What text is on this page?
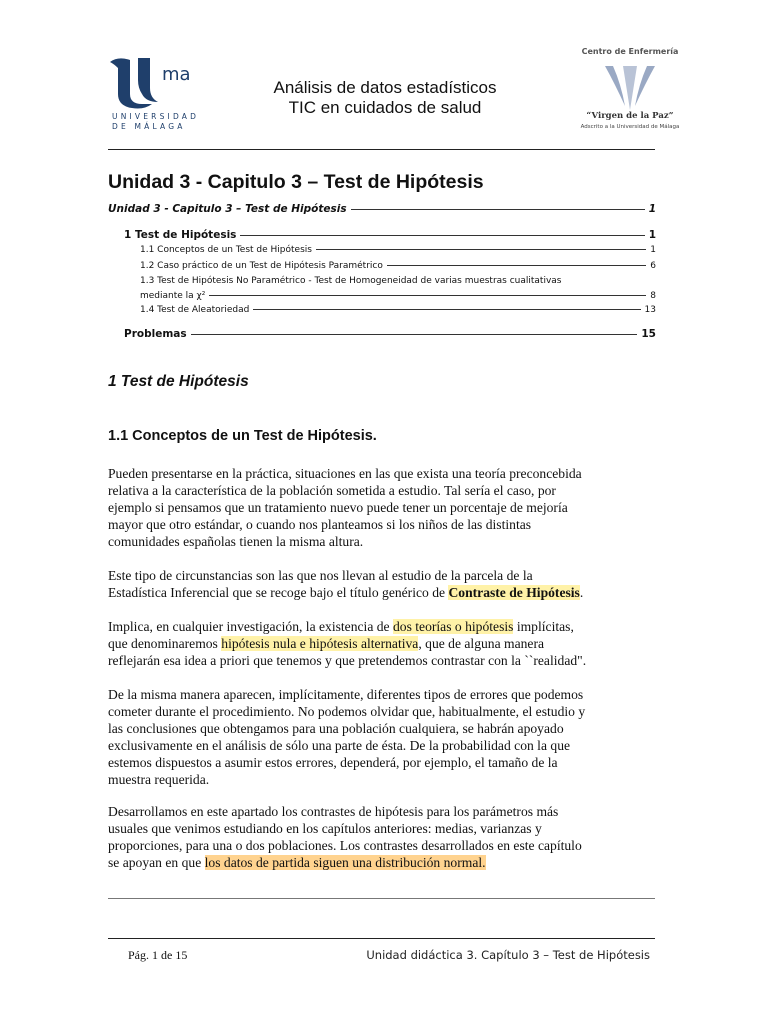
ma
UNIVERSIDAD
DE MÁLAGA
Análisis de datos estadísticos
TIC en cuidados de salud
Centro de Enfermería
“Virgen de la Paz”
Adscrito a la Universidad de Málaga
Unidad 3 - Capitulo 3 – Test de Hipótesis
Unidad 3 - Capitulo 3 – Test de Hipótesis	1
1 Test de Hipótesis	1
1.1 Conceptos de un Test de Hipótesis	1
1.2 Caso práctico de un Test de Hipótesis Paramétrico	6
1.3 Test de Hipótesis No Paramétrico - Test de Homogeneidad de varias muestras cualitativas
mediante la χ²	8
1.4 Test de Aleatoriedad	13
Problemas	15
1 Test de Hipótesis
1.1 Conceptos de un Test de Hipótesis.
Pueden presentarse en la práctica, situaciones en las que exista una teoría preconcebida
relativa a la característica de la población sometida a estudio. Tal sería el caso, por
ejemplo si pensamos que un tratamiento nuevo puede tener un porcentaje de mejoría
mayor que otro estándar, o cuando nos planteamos si los niños de las distintas
comunidades españolas tienen la misma altura.
Este tipo de circunstancias son las que nos llevan al estudio de la parcela de la
Estadística Inferencial que se recoge bajo el título genérico de Contraste de Hipótesis.
Implica, en cualquier investigación, la existencia de dos teorías o hipótesis implícitas,
que denominaremos hipótesis nula e hipótesis alternativa, que de alguna manera
reflejarán esa idea a priori que tenemos y que pretendemos contrastar con la ``realidad".
De la misma manera aparecen, implícitamente, diferentes tipos de errores que podemos
cometer durante el procedimiento. No podemos olvidar que, habitualmente, el estudio y
las conclusiones que obtengamos para una población cualquiera, se habrán apoyado
exclusivamente en el análisis de sólo una parte de ésta. De la probabilidad con la que
estemos dispuestos a asumir estos errores, dependerá, por ejemplo, el tamaño de la
muestra requerida.
Desarrollamos en este apartado los contrastes de hipótesis para los parámetros más
usuales que venimos estudiando en los capítulos anteriores: medias, varianzas y
proporciones, para una o dos poblaciones. Los contrastes desarrollados en este capítulo
se apoyan en que los datos de partida siguen una distribución normal.
Pág. 1 de 15	Unidad didáctica 3. Capítulo 3 – Test de Hipótesis
